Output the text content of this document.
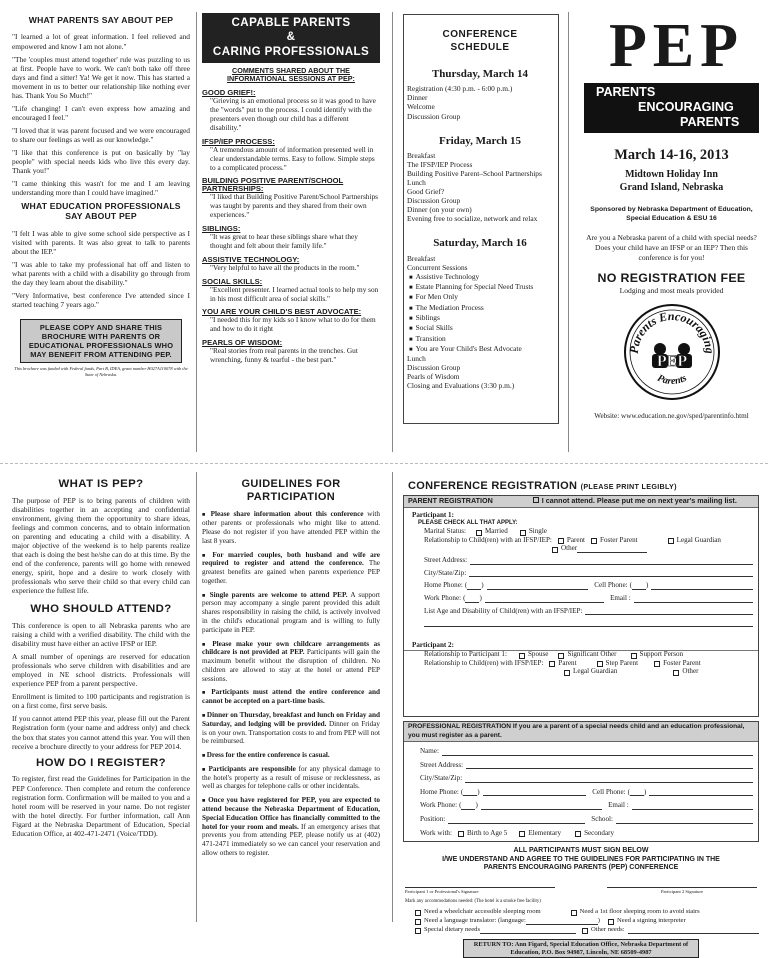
WHAT PARENTS SAY ABOUT PEP

"I learned a lot of great information. I feel relieved and empowered and know I am not alone."

"The 'couples must attend together' rule was puzzling to us at first. People have to work. We can't both take off three days and find a sitter! Ya! We get it now. This has started a movement in us to better our relationship like nothing ever has. Thank You So Much!"

"Life changing! I can't even express how amazing and encouraged I feel."

"I loved that it was parent focused and we were encouraged to share our feelings as well as our knowledge."

"I like that this conference is put on basically by "lay people" with special needs kids who live this every day. Thank you!"

"I came thinking this wasn't for me and I am leaving understanding more than I could have imagined."

WHAT EDUCATION PROFESSIONALS SAY ABOUT PEP

"I felt I was able to give some school side perspective as I visited with parents. It was also great to talk to parents about the IEP."

"I was able to take my professional hat off and listen to what parents with a child with a disability go through from the day they learn about the disability."

"Very Informative, best conference I've attended since I started teaching 7 years ago."

PLEASE COPY AND SHARE THIS BROCHURE WITH PARENTS OR EDUCATIONAL PROFESSIONALS WHO MAY BENEFIT FROM ATTENDING PEP.
This brochure was funded with Federal funds, Part B, IDEA, grant number H027A110078 with the State of Nebraska.
CAPABLE PARENTS
&
CARING PROFESSIONALS
COMMENTS SHARED ABOUT THE INFORMATIONAL SESSIONS AT PEP:
GOOD GRIEF!:
"Grieving is an emotional process so it was good to have the "words" put to the process. I could identify with the presenters even though our child has a different disability."
IFSP/IEP PROCESS:
"A tremendous amount of information presented well in clear understandable terms. Easy to follow. Simple steps to a complicated process."
BUILDING POSITIVE PARENT/SCHOOL PARTNERSHIPS:
"I liked that Building Positive Parent/School Partnerships was taught by parents and they shared from their own experiences."
SIBLINGS:
"It was great to hear these siblings share what they thought and felt about their family life."
ASSISTIVE TECHNOLOGY:
"Very helpful to have all the products in the room."
SOCIAL SKILLS:
"Excellent presenter. I learned actual tools to help my son in his most difficult area of social skills."
YOU ARE YOUR CHILD'S BEST ADVOCATE:
"I needed this for my kids so I know what to do for them and how to do it right
PEARLS OF WISDOM:
"Real stories from real parents in the trenches. Gut wrenching, funny & tearful - the best part."
CONFERENCE
SCHEDULE
Thursday, March 14
Registration (4:30 p.m. - 6:00 p.m.)
Dinner
Welcome
Discussion Group
Friday, March 15
Breakfast
The IFSP/IEP Process
Building Positive Parent–School Partnerships
Lunch
Good Grief?
Discussion Group
Dinner (on your own)
Evening free to socialize, network and relax
Saturday, March 16
Breakfast
Concurrent Sessions
■ Assistive Technology
■ Estate Planning for Special Need Trusts
■ For Men Only
■ The Mediation Process
■ Siblings
■ Social Skills
■ Transition
■ You are Your Child's Best Advocate
Lunch
Discussion Group
Pearls of Wisdom
Closing and Evaluations (3:30 p.m.)
PEP
PARENTS
ENCOURAGING
PARENTS
March 14-16, 2013
Midtown Holiday Inn
Grand Island, Nebraska
Sponsored by Nebraska Department of Education, Special Education & ESU 16
Are you a Nebraska parent of a child with special needs? Does your child have an IFSP or an IEP? Then this conference is for you!
NO REGISTRATION FEE
Lodging and most meals provided
Parents Encouraging
Parents
PEP
Website: www.education.ne.gov/sped/parentinfo.html
WHAT IS PEP?

The purpose of PEP is to bring parents of children with disabilities together in an accepting and confidential environment, giving them the opportunity to share ideas, feelings and common concerns, and to obtain information on parenting and educating a child with a disability. A major objective of the weekend is to help parents realize that each is doing the best he/she can do at this time. By the end of the conference, parents will go home with renewed energy, spirit, hope and a desire to work closely with professionals who serve their child so that every child can experience the fullest life.

WHO SHOULD ATTEND?

This conference is open to all Nebraska parents who are raising a child with a verified disability. The child with the disability must have either an active IFSP or IEP.

A small number of openings are reserved for education professionals who serve children with disabilities and are employed in NE school districts. Professionals will experience PEP from a parent perspective.

Enrollment is limited to 100 participants and registration is on a first come, first serve basis.

If you cannot attend PEP this year, please fill out the Parent Registration form (your name and address only) and check the box that states you cannot attend this year. You will then receive a brochure directly to your address for PEP 2014.

HOW DO I REGISTER?

To register, first read the Guidelines for Participation in the PEP Conference. Then complete and return the conference registration form. Confirmation will be mailed to you and a hotel room will be reserved in your name. Do not register with the hotel directly. For further information, call Ann Figard at the Nebraska Department of Education, Special Education Office, at 402-471-2471 (Voice/TDD).

GUIDELINES FOR
PARTICIPATION

■ Please share information about this conference with other parents or professionals who might like to attend. Please do not register if you have attended PEP within the last 8 years.

■ For married couples, both husband and wife are required to register and attend the conference. The greatest benefits are gained when parents experience PEP together.

■ Single parents are welcome to attend PEP. A support person may accompany a single parent provided this adult shares responsibility in raising the child, is actively involved in the child's educational program and is willing to fully participate in PEP.

■ Please make your own childcare arrangements as childcare is not provided at PEP. Participants will gain the maximum benefit without the disruption of children. No children are allowed to stay at the hotel or attend PEP sessions.

■ Participants must attend the entire conference and cannot be accepted on a part-time basis.

■ Dinner on Thursday, breakfast and lunch on Friday and Saturday, and lodging will be provided. Dinner on Friday is on your own. Transportation costs to and from PEP will not be reimbursed.

■ Dress for the entire conference is casual.

■ Participants are responsible for any physical damage to the hotel's property as a result of misuse or recklessness, as well as charges for telephone calls or other incidentals.

■ Once you have registered for PEP, you are expected to attend because the Nebraska Department of Education, Special Education Office has financially committed to the hotel for your room and meals. If an emergency arises that prevents you from attending PEP, please notify us at (402) 471-2471 immediately so we can cancel your reservation and allow others to register.

CONFERENCE REGISTRATION (PLEASE PRINT LEGIBLY)
PARENT REGISTRATION	I cannot attend. Please put me on next year's mailing list.
Participant 1:
PLEASE CHECK ALL THAT APPLY:
Marital Status:	Married	Single
Relationship to Child(ren) with an IFSP/IEP: Parent Foster Parent	Legal Guardian
Other
Street Address:
City/State/Zip:
Home Phone: ( )	Cell Phone: ( )
Work Phone: ( )	Email :
List Age and Disability of Child(ren) with an IFSP/IEP:
Participant 2:
Relationship to Participant 1:	Spouse	Significant Other	Support Person
Relationship to Child(ren) with IFSP/IEP: Parent	Step Parent	Foster Parent
Legal Guardian	Other
PROFESSIONAL REGISTRATION If you are a parent of a special needs child and an education professional, you must register as a parent.
Name:
Street Address:
City/State/Zip:
Home Phone: ( )	Cell Phone: ( )
Work Phone: ( )	Email :
Position:	School:
Work with: Birth to Age 5	Elementary	Secondary
ALL PARTICIPANTS MUST SIGN BELOW
I/WE UNDERSTAND AND AGREE TO THE GUIDELINES FOR PARTICIPATING IN THE PARENTS ENCOURAGING PARENTS (PEP) CONFERENCE
Participant 1 or Professional's Signature	Participant 2 Signature
Mark any accommodations needed: (The hotel is a smoke free facility)
Need a wheelchair accessible sleeping room	Need a 1st floor sleeping room to avoid stairs
Need a language translator: (language:	)	Need a signing interpreter
Special dietary needs	Other needs:
RETURN TO: Ann Figard, Special Education Office, Nebraska Department of Education, P.O. Box 94987, Lincoln, NE 68509-4987
